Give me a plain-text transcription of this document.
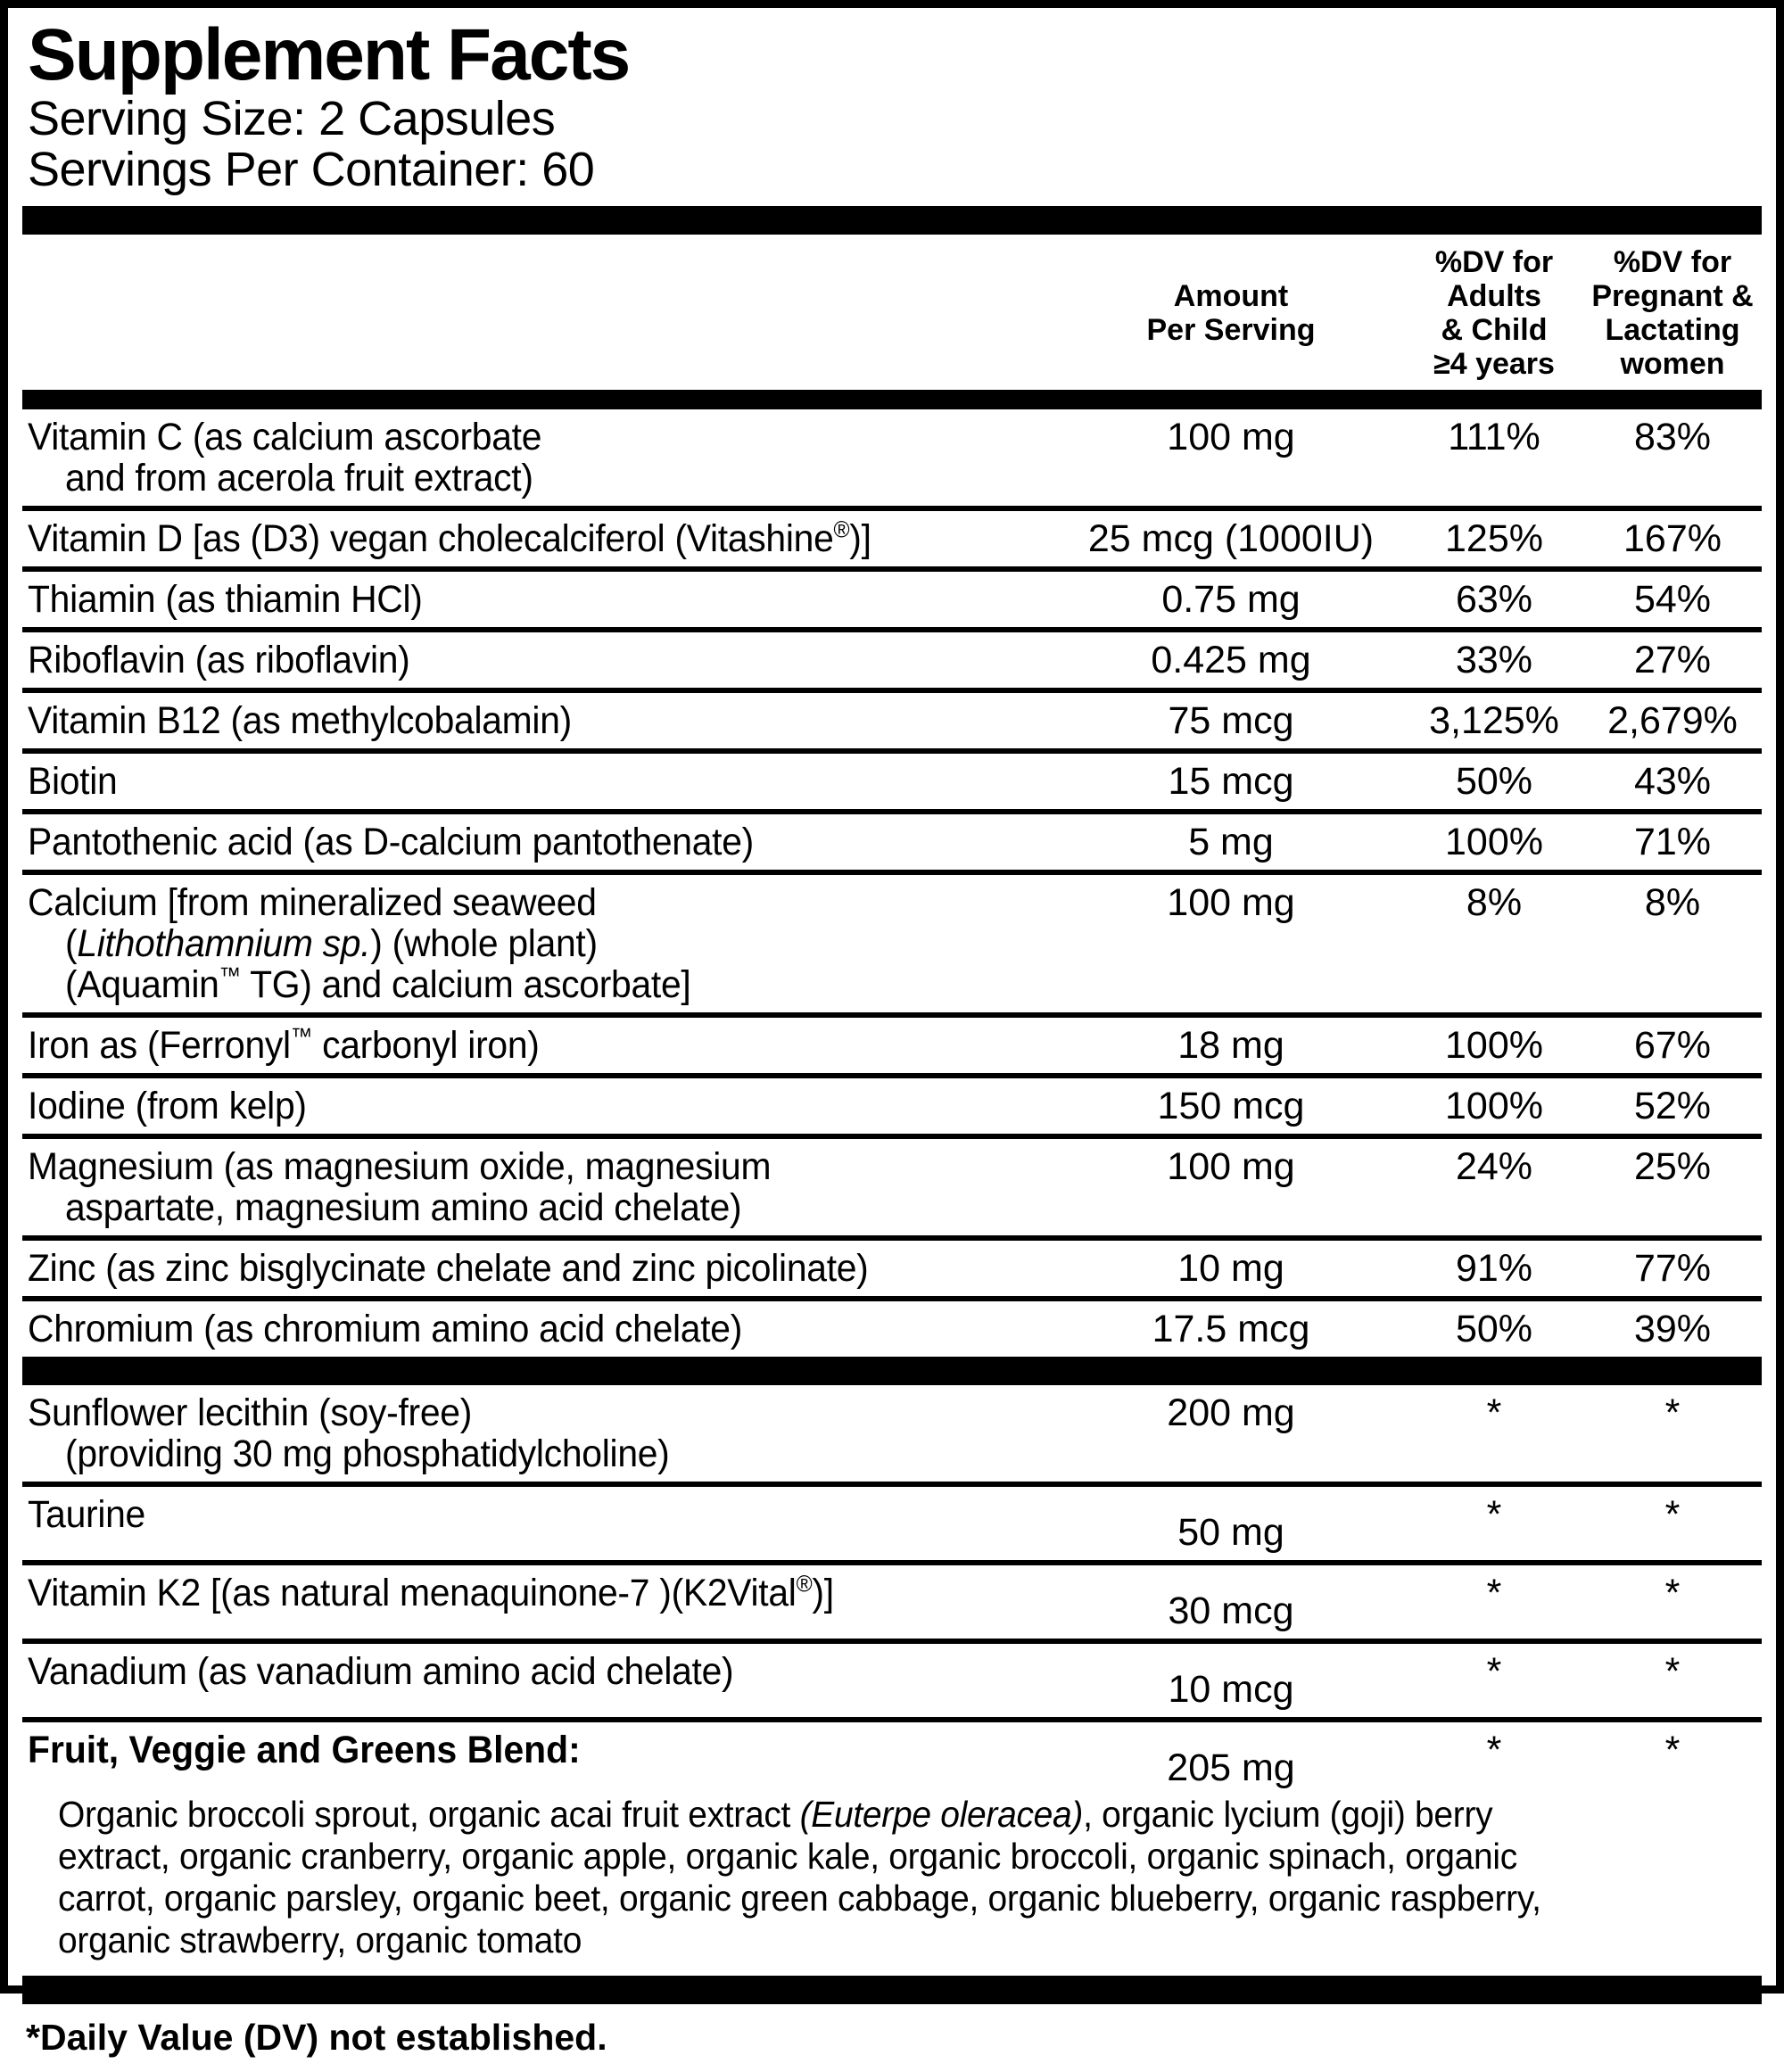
Supplement Facts
Serving Size: 2 Capsules
Servings Per Container: 60
Amount
Per Serving
%DV for
Adults
& Child
≥4 years
%DV for
Pregnant &
Lactating
women
Vitamin C (as calcium ascorbate
and from acerola fruit extract)
100 mg	111%	83%
Vitamin D [as (D3) vegan cholecalciferol (Vitashine®)]	25 mcg (1000IU)	125%	167%
Thiamin (as thiamin HCl)	0.75 mg	63%	54%
Riboflavin (as riboflavin)	0.425 mg	33%	27%
Vitamin B12 (as methylcobalamin)	75 mcg	3,125%	2,679%
Biotin	15 mcg	50%	43%
Pantothenic acid (as D-calcium pantothenate)	5 mg	100%	71%
Calcium [from mineralized seaweed
(Lithothamnium sp.) (whole plant)
(Aquamin™ TG) and calcium ascorbate]
100 mg	8%	8%
Iron as (Ferronyl™ carbonyl iron)	18 mg	100%	67%
Iodine (from kelp)	150 mcg	100%	52%
Magnesium (as magnesium oxide, magnesium
aspartate, magnesium amino acid chelate)
100 mg	24%	25%
Zinc (as zinc bisglycinate chelate and zinc picolinate)	10 mg	91%	77%
Chromium (as chromium amino acid chelate)	17.5 mcg	50%	39%
Sunflower lecithin (soy-free)
(providing 30 mg phosphatidylcholine)
200 mg	*	*
Taurine	50 mg	*	*
Vitamin K2 [(as natural menaquinone-7 )(K2Vital®)]	30 mcg	*	*
Vanadium (as vanadium amino acid chelate)	10 mcg	*	*
Fruit, Veggie and Greens Blend:	205 mg	*	*
Organic broccoli sprout, organic acai fruit extract (Euterpe oleracea), organic lycium (goji) berry extract, organic cranberry, organic apple, organic kale, organic broccoli, organic spinach, organic carrot, organic parsley, organic beet, organic green cabbage, organic blueberry, organic raspberry, organic strawberry, organic tomato
*Daily Value (DV) not established.
